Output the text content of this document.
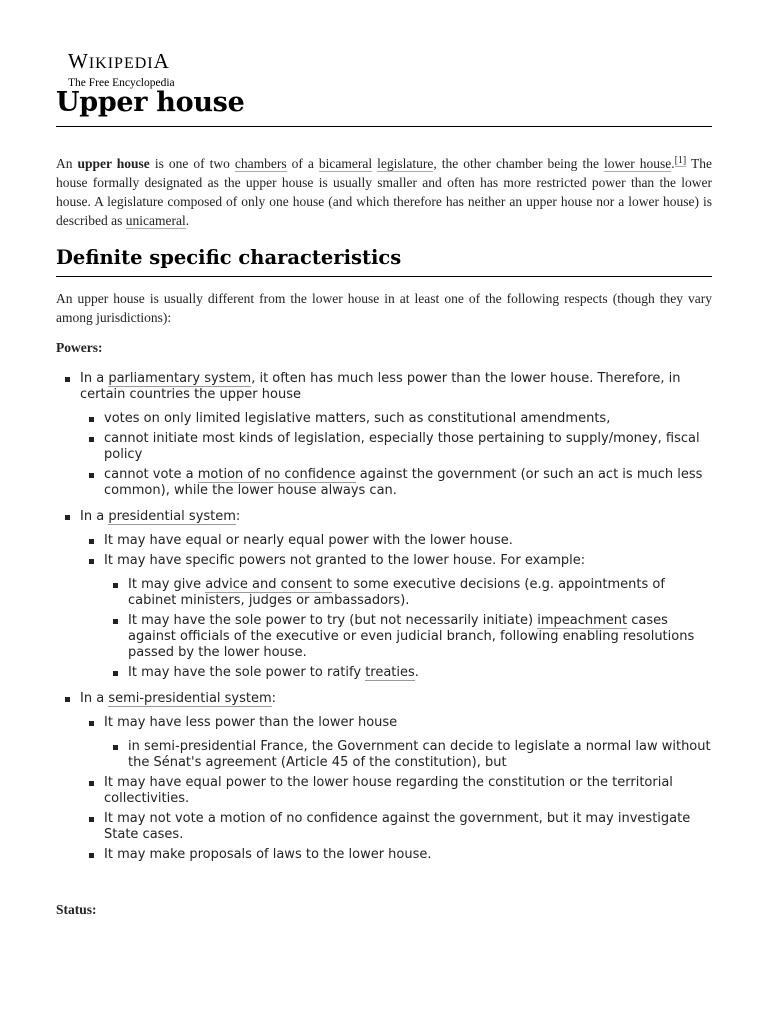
WIKIPEDIA
The Free Encyclopedia
Upper house

An upper house is one of two chambers of a bicameral legislature, the other chamber being the lower house.[1] The house formally designated as the upper house is usually smaller and often has more restricted power than the lower house. A legislature composed of only one house (and which therefore has neither an upper house nor a lower house) is described as unicameral.

Definite specific characteristics

An upper house is usually different from the lower house in at least one of the following respects (though they vary among jurisdictions):

Powers:
In a parliamentary system, it often has much less power than the lower house. Therefore, in certain countries the upper house
votes on only limited legislative matters, such as constitutional amendments,
cannot initiate most kinds of legislation, especially those pertaining to supply/money, fiscal policy
cannot vote a motion of no confidence against the government (or such an act is much less common), while the lower house always can.
In a presidential system:
It may have equal or nearly equal power with the lower house.
It may have specific powers not granted to the lower house. For example:
It may give advice and consent to some executive decisions (e.g. appointments of cabinet ministers, judges or ambassadors).
It may have the sole power to try (but not necessarily initiate) impeachment cases against officials of the executive or even judicial branch, following enabling resolutions passed by the lower house.
It may have the sole power to ratify treaties.
In a semi-presidential system:
It may have less power than the lower house
in semi-presidential France, the Government can decide to legislate a normal law without the Sénat's agreement (Article 45 of the constitution), but
It may have equal power to the lower house regarding the constitution or the territorial collectivities.
It may not vote a motion of no confidence against the government, but it may investigate State cases.
It may make proposals of laws to the lower house.
Status:
